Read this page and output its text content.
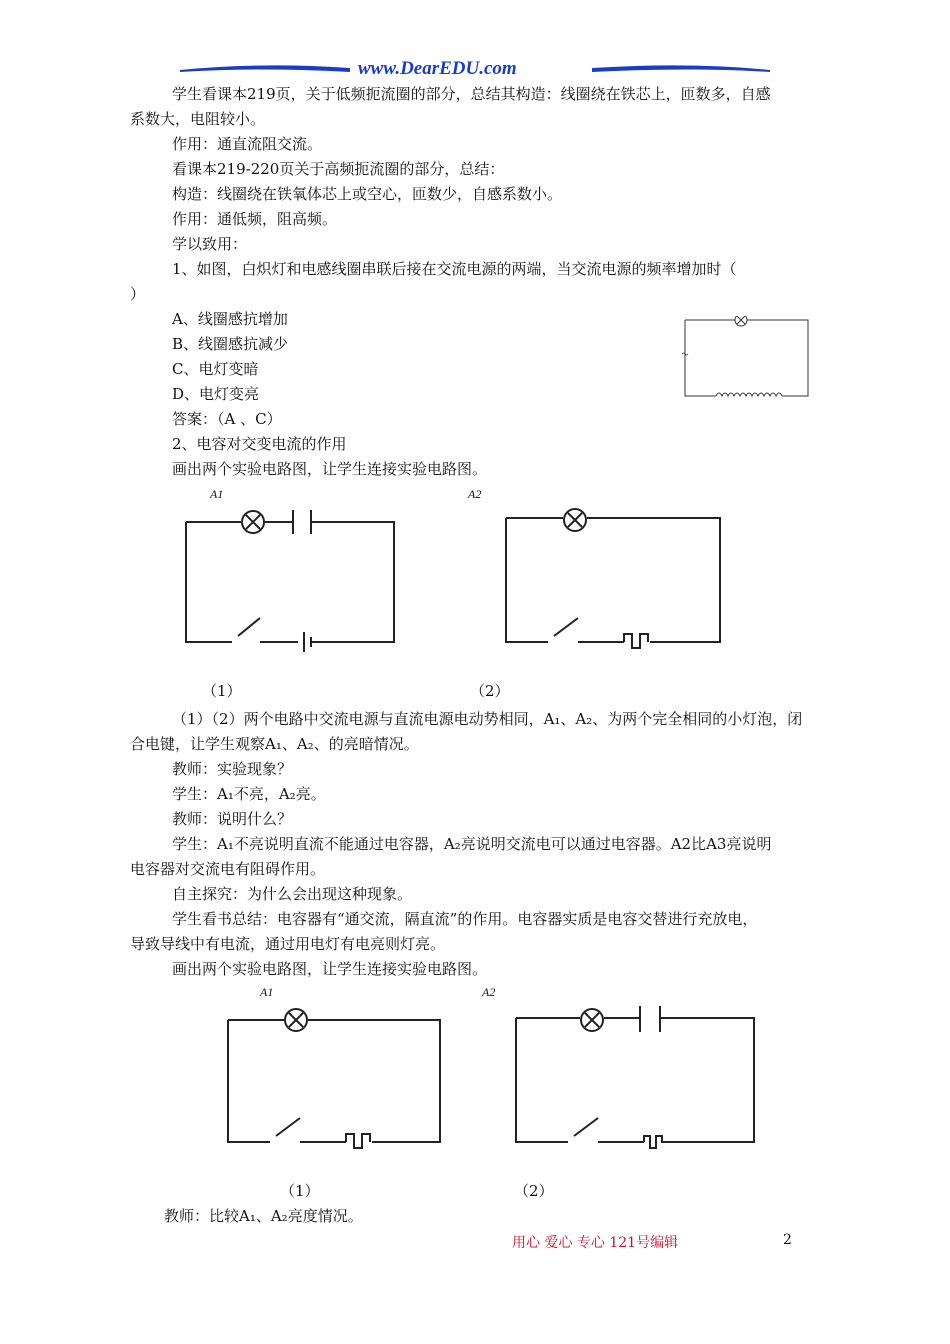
www.DearEDU.com
学生看课本219页，关于低频扼流圈的部分，总结其构造：线圈绕在铁芯上，匝数多，自感
系数大，电阻较小。
作用：通直流阻交流。
看课本219-220页关于高频扼流圈的部分，总结：
构造：线圈绕在铁氧体芯上或空心，匝数少，自感系数小。
作用：通低频，阻高频。
学以致用：
1、如图，白炽灯和电感线圈串联后接在交流电源的两端，当交流电源的频率增加时（
）
A、线圈感抗增加
B、线圈感抗减少
C、电灯变暗
D、电灯变亮
答案：（A 、C）
2、电容对交变电流的作用
画出两个实验电路图，让学生连接实验电路图。
A1	A2
（1）	（2）
（1）（2）两个电路中交流电源与直流电源电动势相同，A₁、A₂、为两个完全相同的小灯泡，闭
合电键，让学生观察A₁、A₂、的亮暗情况。
教师：实验现象？
学生：A₁不亮，A₂亮。
教师：说明什么？
学生：A₁不亮说明直流不能通过电容器，A₂亮说明交流电可以通过电容器。A2比A3亮说明
电容器对交流电有阻碍作用。
自主探究：为什么会出现这种现象。
学生看书总结：电容器有“通交流，隔直流”的作用。电容器实质是电容交替进行充放电，
导致导线中有电流，通过用电灯有电亮则灯亮。
画出两个实验电路图，让学生连接实验电路图。
A1	A2
（1）	（2）
教师：比较A₁、A₂亮度情况。
用心 爱心 专心 121号编辑	2
